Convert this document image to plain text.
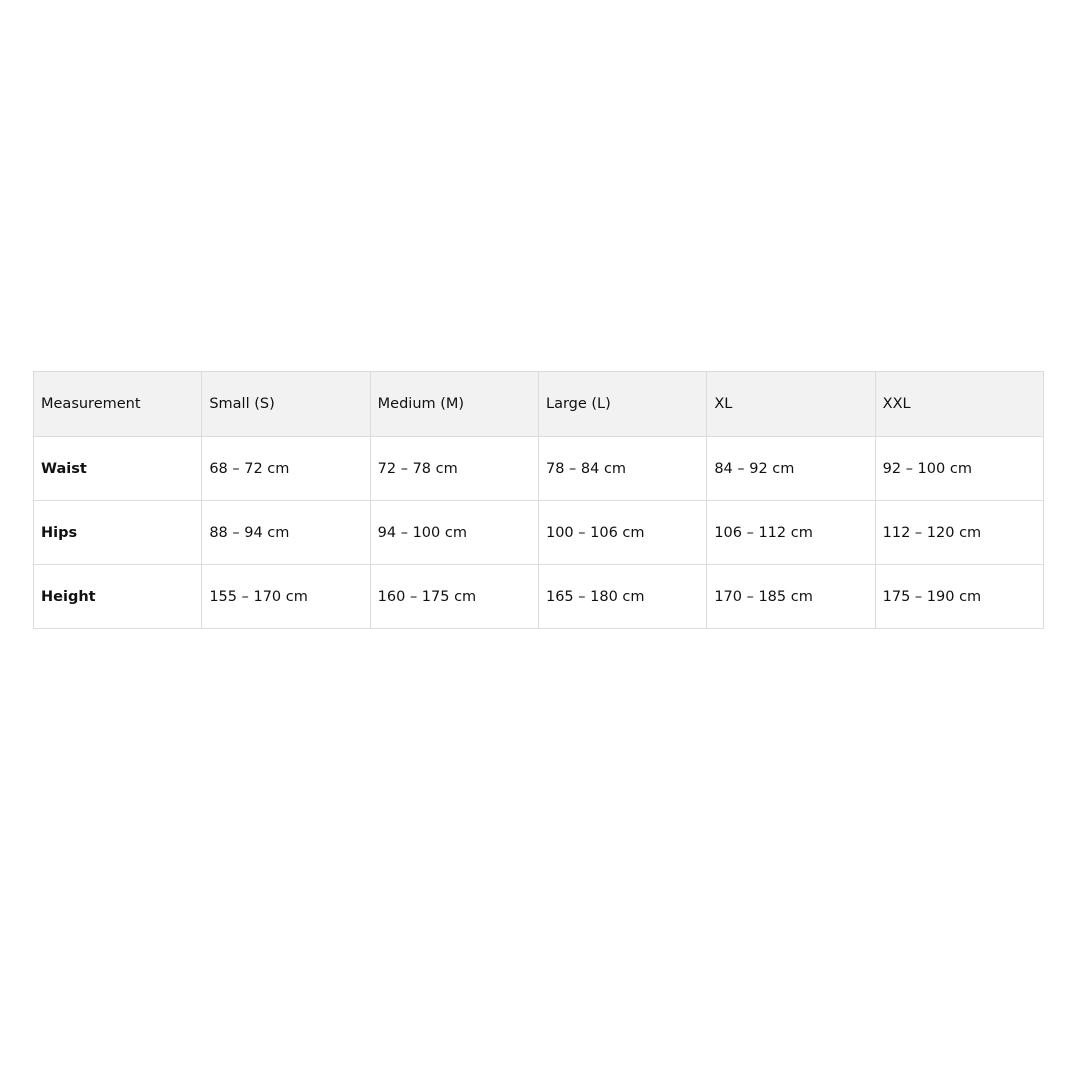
Measurement	Small (S)	Medium (M)	Large (L)	XL	XXL
Waist	68 – 72 cm	72 – 78 cm	78 – 84 cm	84 – 92 cm	92 – 100 cm
Hips	88 – 94 cm	94 – 100 cm	100 – 106 cm	106 – 112 cm	112 – 120 cm
Height	155 – 170 cm	160 – 175 cm	165 – 180 cm	170 – 185 cm	175 – 190 cm
